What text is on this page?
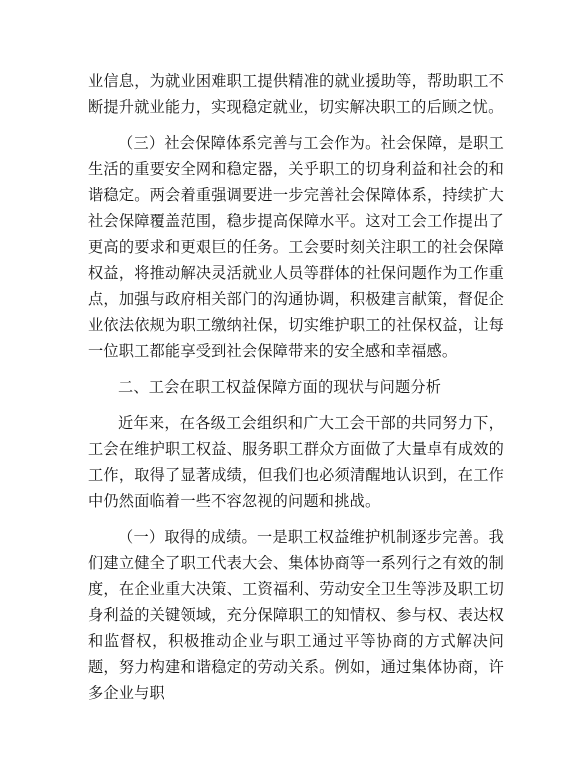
业信息，为就业困难职工提供精准的就业援助等，帮助职工不断提升就业能力，实现稳定就业，切实解决职工的后顾之忧。

（三）社会保障体系完善与工会作为。社会保障，是职工生活的重要安全网和稳定器，关乎职工的切身利益和社会的和谐稳定。两会着重强调要进一步完善社会保障体系，持续扩大社会保障覆盖范围，稳步提高保障水平。这对工会工作提出了更高的要求和更艰巨的任务。工会要时刻关注职工的社会保障权益，将推动解决灵活就业人员等群体的社保问题作为工作重点，加强与政府相关部门的沟通协调，积极建言献策，督促企业依法依规为职工缴纳社保，切实维护职工的社保权益，让每一位职工都能享受到社会保障带来的安全感和幸福感。

二、工会在职工权益保障方面的现状与问题分析

近年来，在各级工会组织和广大工会干部的共同努力下，工会在维护职工权益、服务职工群众方面做了大量卓有成效的工作，取得了显著成绩，但我们也必须清醒地认识到，在工作中仍然面临着一些不容忽视的问题和挑战。

（一）取得的成绩。一是职工权益维护机制逐步完善。我们建立健全了职工代表大会、集体协商等一系列行之有效的制度，在企业重大决策、工资福利、劳动安全卫生等涉及职工切身利益的关键领域，充分保障职工的知情权、参与权、表达权和监督权，积极推动企业与职工通过平等协商的方式解决问题，努力构建和谐稳定的劳动关系。例如，通过集体协商，许多企业与职
